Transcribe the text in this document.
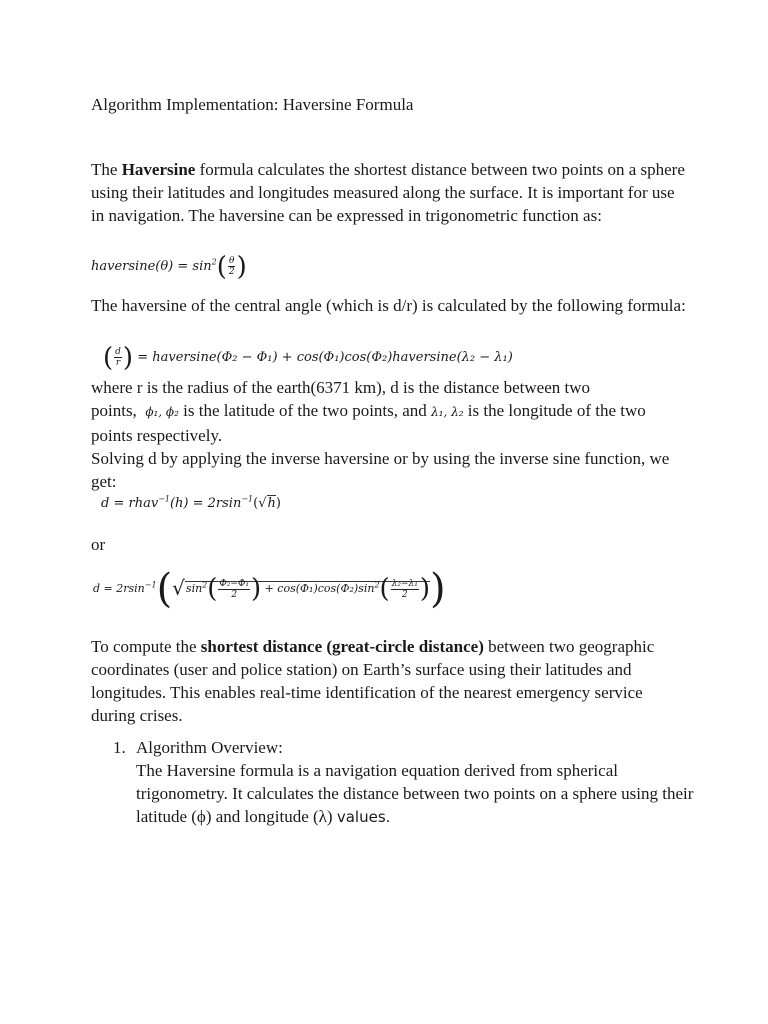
Algorithm Implementation: Haversine Formula

The Haversine formula calculates the shortest distance between two points on a sphere using their latitudes and longitudes measured along the surface. It is important for use in navigation. The haversine can be expressed in trigonometric function as:

haversine(θ) = $\sin^2( \frac{\theta}{2}$ )

The haversine of the central angle (which is d/r) is calculated by the following formula:

( $\frac{d}{r}$ ) = haversine(Φ₂ − Φ₁) + cos(Φ₁)cos(Φ₂)haversine(λ₂ − λ₁)

where r is the radius of the earth(6371 km), d is the distance between two
points, ϕ₁, ϕ₂ is the latitude of the two points, and λ₁, λ₂ is the longitude of the two
points respectively.
Solving d by applying the inverse haversine or by using the inverse sine function, we get:

d = rhav$^{-1}$(h) = 2rsin$^{-1}$(√h)

or

$d = 2rsin^{-1}(√\sin^2( \frac{\text{Φ₂−Φ₁}}{2}$ ) + $\cos(\Phi_1)\cos(\Phi_2)\sin^2( \frac{\text{λ₂−λ₁}}{2}$ ))

To compute the shortest distance (great-circle distance) between two geographic coordinates (user and police station) on Earth’s surface using their latitudes and longitudes. This enables real-time identification of the nearest emergency service during crises.

1. Algorithm Overview:
The Haversine formula is a navigation equation derived from spherical trigonometry. It calculates the distance between two points on a sphere using their latitude (ϕ) and longitude (λ) values.
